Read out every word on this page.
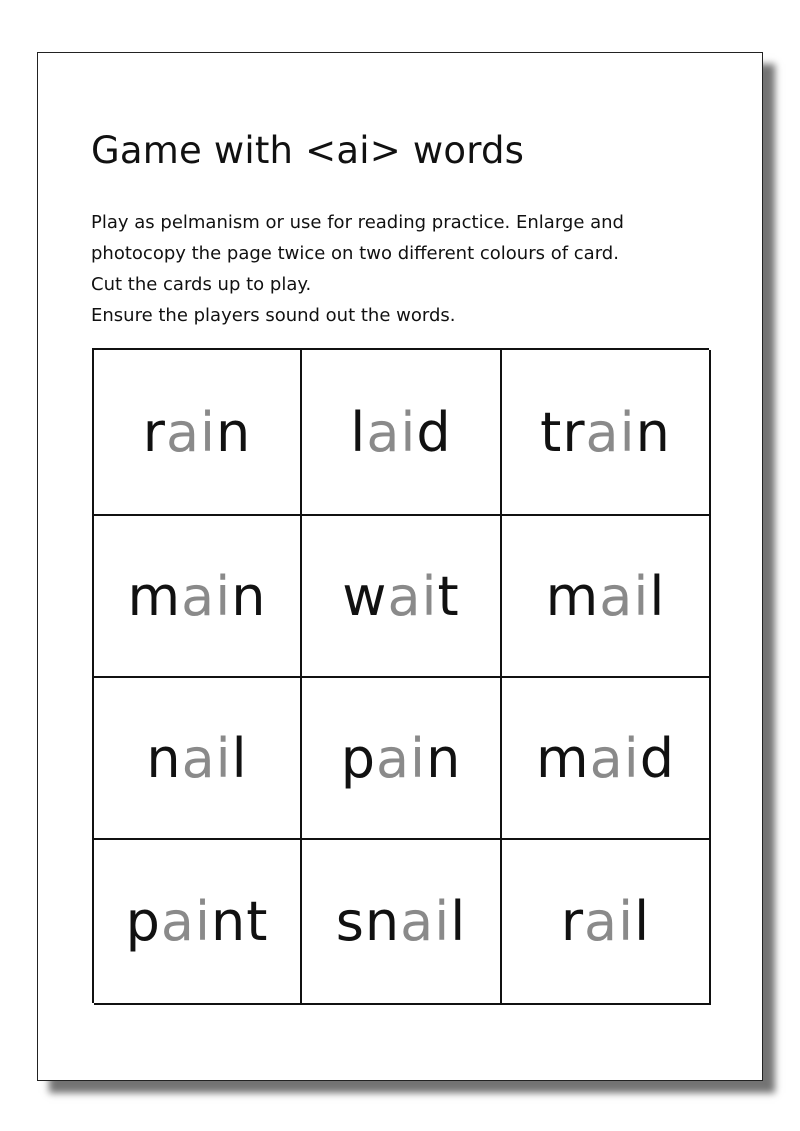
Game with <ai> words

Play as pelmanism or use for reading practice. Enlarge and

photocopy the page twice on two different colours of card.

Cut the cards up to play.

Ensure the players sound out the words.

rain laid train
main wait mail
nail pain maid
paint snail rail
